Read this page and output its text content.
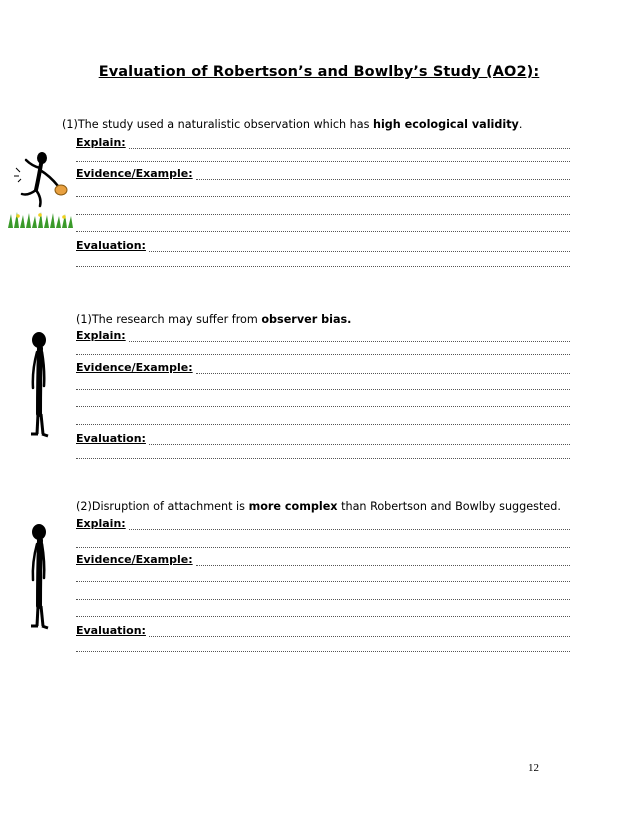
Evaluation of Robertson’s and Bowlby’s Study (AO2):
(1)The study used a naturalistic observation which has high ecological validity.
Explain:
Evidence/Example:
Evaluation:
(1)The research may suffer from observer bias.
Explain:
Evidence/Example:
Evaluation:
(2)Disruption of attachment is more complex than Robertson and Bowlby suggested.
Explain:
Evidence/Example:
Evaluation:
12
